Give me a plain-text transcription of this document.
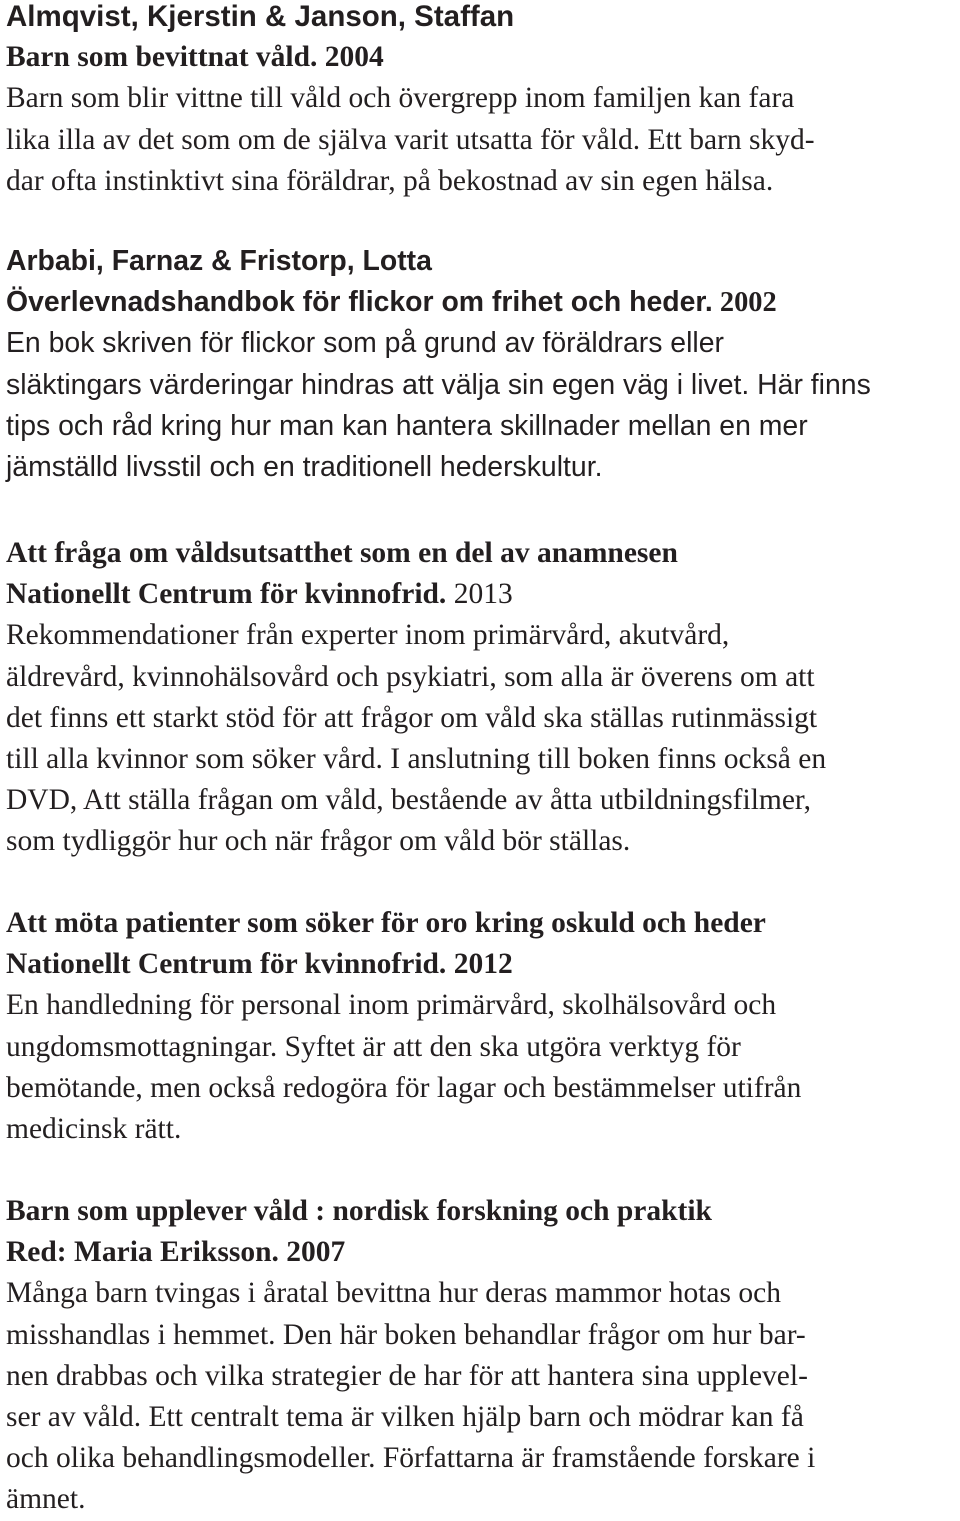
Almqvist, Kjerstin & Janson, Staffan
Barn som bevittnat våld. 2004
Barn som blir vittne till våld och övergrepp inom familjen kan fara
lika illa av det som om de själva varit utsatta för våld. Ett barn skyd-
dar ofta instinktivt sina föräldrar, på bekostnad av sin egen hälsa.
Arbabi, Farnaz & Fristorp, Lotta
Överlevnadshandbok för flickor om frihet och heder. 2002
En bok skriven för flickor som på grund av föräldrars eller
släktingars värderingar hindras att välja sin egen väg i livet. Här finns
tips och råd kring hur man kan hantera skillnader mellan en mer
jämställd livsstil och en traditionell hederskultur.
Att fråga om våldsutsatthet som en del av anamnesen
Nationellt Centrum för kvinnofrid. 2013
Rekommendationer från experter inom primärvård, akutvård,
äldrevård, kvinnohälsovård och psykiatri, som alla är överens om att
det finns ett starkt stöd för att frågor om våld ska ställas rutinmässigt
till alla kvinnor som söker vård. I anslutning till boken finns också en
DVD, Att ställa frågan om våld, bestående av åtta utbildningsfilmer,
som tydliggör hur och när frågor om våld bör ställas.
Att möta patienter som söker för oro kring oskuld och heder
Nationellt Centrum för kvinnofrid. 2012
En handledning för personal inom primärvård, skolhälsovård och
ungdomsmottagningar. Syftet är att den ska utgöra verktyg för
bemötande, men också redogöra för lagar och bestämmelser utifrån
medicinsk rätt.
Barn som upplever våld : nordisk forskning och praktik
Red: Maria Eriksson. 2007
Många barn tvingas i åratal bevittna hur deras mammor hotas och
misshandlas i hemmet. Den här boken behandlar frågor om hur bar-
nen drabbas och vilka strategier de har för att hantera sina upplevel-
ser av våld. Ett centralt tema är vilken hjälp barn och mödrar kan få
och olika behandlingsmodeller. Författarna är framstående forskare i
ämnet.
